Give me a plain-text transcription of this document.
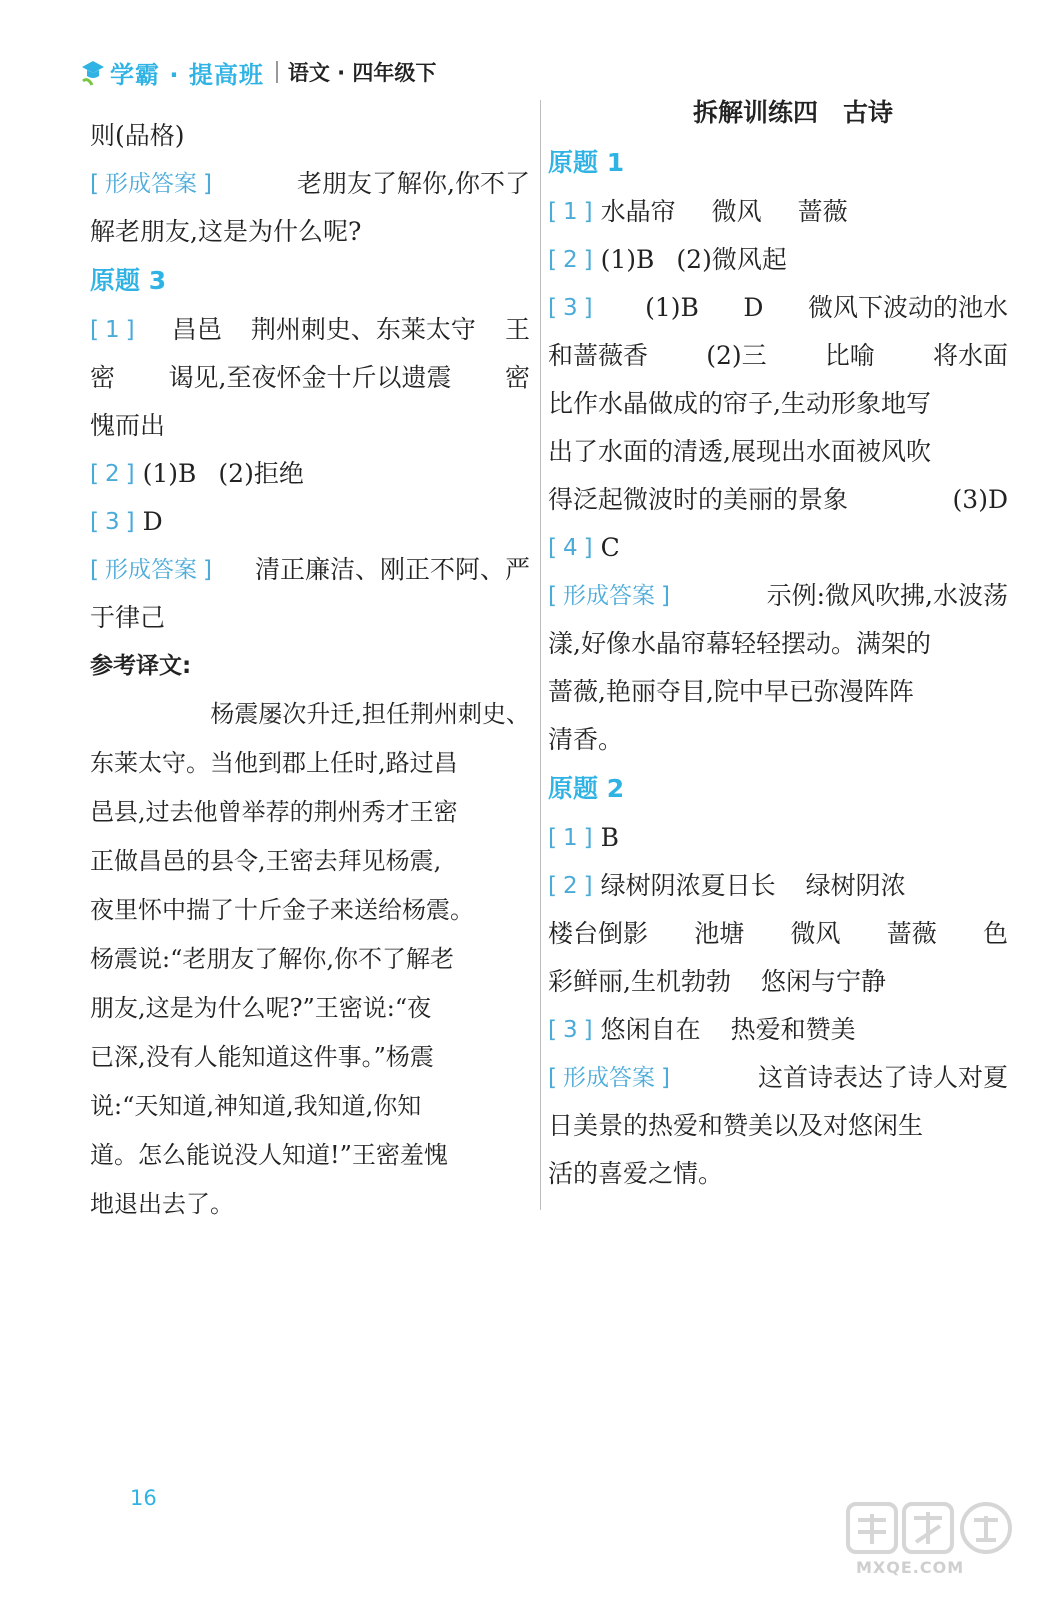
学霸 · 提高班 语文 · 四年级下
则(品格)
[ 形成答案 ]	老朋友了解你,你不了
解老朋友,这是为什么呢?
原题 3
[ 1 ] 昌邑 荆州刺史、东莱太守 王
密 谒见,至夜怀金十斤以遗震 密
愧而出
[ 2 ] (1)B (2)拒绝
[ 3 ] D
[ 形成答案 ] 清正廉洁、刚正不阿、严
于律己
参考译文:
杨震屡次升迁,担任荆州刺史、
东莱太守。当他到郡上任时,路过昌
邑县,过去他曾举荐的荆州秀才王密
正做昌邑的县令,王密去拜见杨震,
夜里怀中揣了十斤金子来送给杨震。
杨震说:“老朋友了解你,你不了解老
朋友,这是为什么呢?”王密说:“夜
已深,没有人能知道这件事。”杨震
说:“天知道,神知道,我知道,你知
道。怎么能说没人知道!”王密羞愧
地退出去了。
拆解训练四　古诗
原题 1
[ 1 ] 水晶帘 微风 蔷薇
[ 2 ] (1)B (2)微风起
[ 3 ] (1)B D 微风下波动的池水
和蔷薇香 (2)三 比喻 将水面
比作水晶做成的帘子,生动形象地写
出了水面的清透,展现出水面被风吹
得泛起微波时的美丽的景象	(3)D
[ 4 ] C
[ 形成答案 ]	示例:微风吹拂,水波荡
漾,好像水晶帘幕轻轻摆动。满架的
蔷薇,艳丽夺目,院中早已弥漫阵阵
清香。
原题 2
[ 1 ] B
[ 2 ] 绿树阴浓夏日长 绿树阴浓
楼台倒影 池塘 微风 蔷薇 色
彩鲜丽,生机勃勃 悠闲与宁静
[ 3 ] 悠闲自在 热爱和赞美
[ 形成答案 ]	这首诗表达了诗人对夏
日美景的热爱和赞美以及对悠闲生
活的喜爱之情。
16
MXQE.COM
